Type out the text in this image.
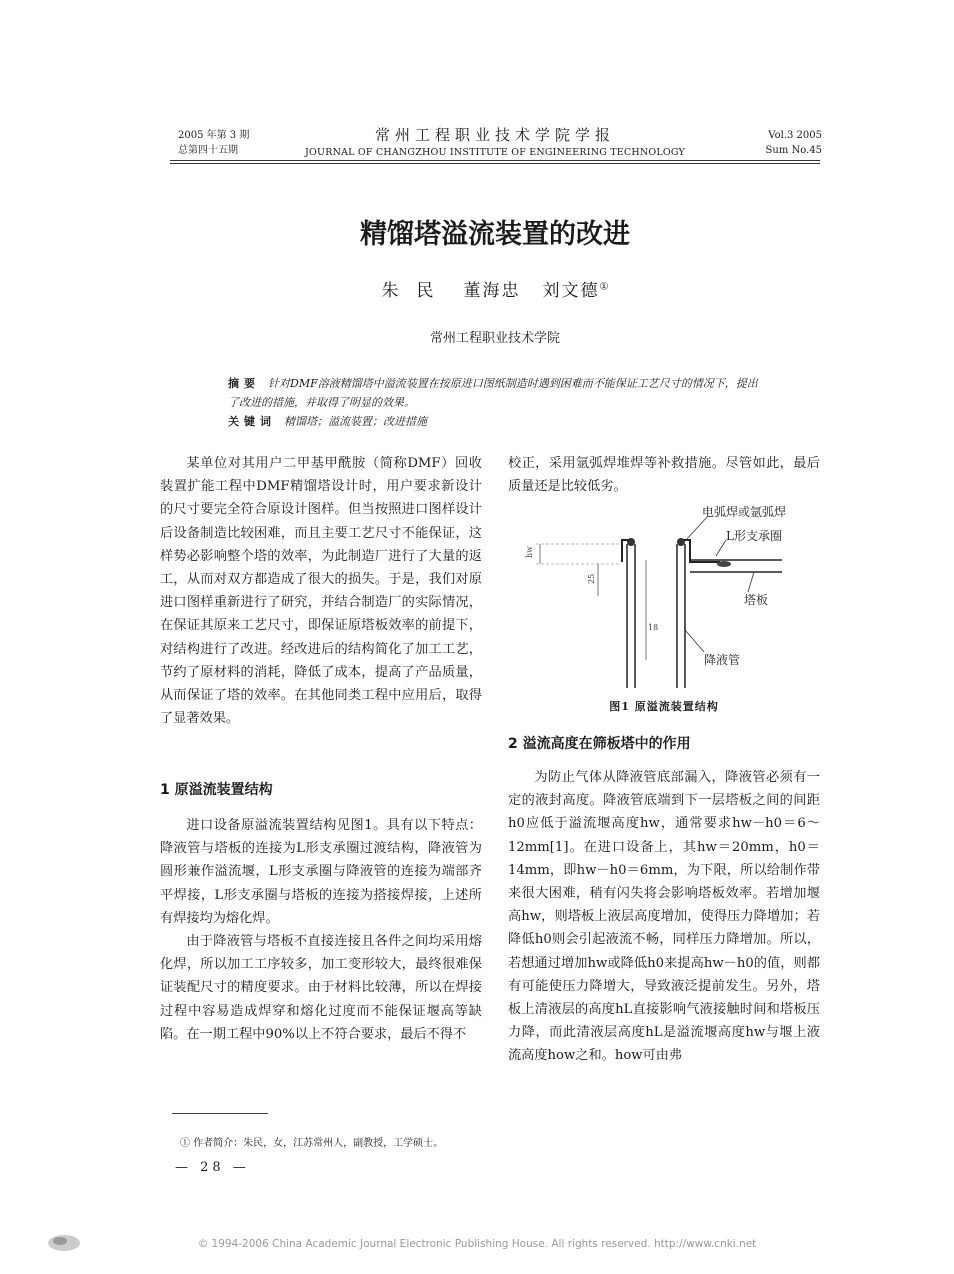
2005 年第 3 期
总第四十五期
常州工程职业技术学院学报
JOURNAL OF CHANGZHOU INSTITUTE OF ENGINEERING TECHNOLOGY
Vol.3 2005
Sum No.45
精馏塔溢流装置的改进
朱民 董海忠 刘文德①
常州工程职业技术学院
摘要 针对DMF溶液精馏塔中溢流装置在按原进口图纸制造时遇到困难而不能保证工艺尺寸的情况下，提出了改进的措施，并取得了明显的效果。
关键词 精馏塔；溢流装置；改进措施

某单位对其用户二甲基甲酰胺（简称DMF）回收装置扩能工程中DMF精馏塔设计时，用户要求新设计的尺寸要完全符合原设计图样。但当按照进口图样设计后设备制造比较困难，而且主要工艺尺寸不能保证，这样势必影响整个塔的效率，为此制造厂进行了大量的返工，从而对双方都造成了很大的损失。于是，我们对原进口图样重新进行了研究，并结合制造厂的实际情况，在保证其原来工艺尺寸，即保证原塔板效率的前提下，对结构进行了改进。经改进后的结构简化了加工工艺，节约了原材料的消耗，降低了成本，提高了产品质量，从而保证了塔的效率。在其他同类工程中应用后，取得了显著效果。

1 原溢流装置结构

进口设备原溢流装置结构见图1。具有以下特点：降液管与塔板的连接为L形支承圈过渡结构，降液管为圆形兼作溢流堰，L形支承圈与降液管的连接为端部齐平焊接，L形支承圈与塔板的连接为搭接焊接，上述所有焊接均为熔化焊。

由于降液管与塔板不直接连接且各件之间均采用熔化焊，所以加工工序较多，加工变形较大，最终很难保证装配尺寸的精度要求。由于材料比较薄，所以在焊接过程中容易造成焊穿和熔化过度而不能保证堰高等缺陷。在一期工程中90%以上不符合要求，最后不得不

校正，采用氩弧焊堆焊等补救措施。尽管如此，最后质量还是比较低劣。

hw
25
18
电弧焊或氩弧焊
L形支承圈
塔板
降液管
图1 原溢流装置结构
2 溢流高度在筛板塔中的作用

为防止气体从降液管底部漏入，降液管必须有一定的液封高度。降液管底端到下一层塔板之间的间距h0应低于溢流堰高度hw，通常要求hw－h0＝6～12mm[1]。在进口设备上，其hw＝20mm，h0＝14mm，即hw－h0＝6mm，为下限，所以给制作带来很大困难，稍有闪失将会影响塔板效率。若增加堰高hw，则塔板上液层高度增加，使得压力降增加；若降低h0则会引起液流不畅，同样压力降增加。所以，若想通过增加hw或降低h0来提高hw－h0的值，则都有可能使压力降增大，导致液泛提前发生。另外，塔板上清液层的高度hL直接影响气液接触时间和塔板压力降，而此清液层高度hL是溢流堰高度hw与堰上液流高度how之和。how可由弗

① 作者简介：朱民，女，江苏常州人，副教授，工学硕士。
— 28 —
© 1994-2006 China Academic Journal Electronic Publishing House. All rights reserved. http://www.cnki.net
